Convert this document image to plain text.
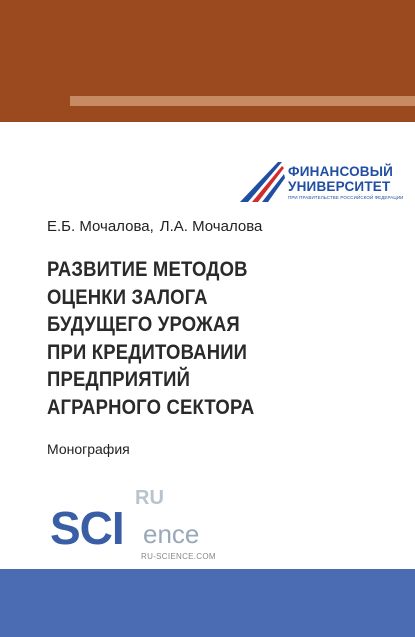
ФИНАНСОВЫЙ
УНИВЕРСИТЕТ
ПРИ ПРАВИТЕЛЬСТВЕ РОССИЙСКОЙ ФЕДЕРАЦИИ
Е.Б. Мочалова, Л.А. Мочалова
РАЗВИТИЕ МЕТОДОВ
ОЦЕНКИ ЗАЛОГА
БУДУЩЕГО УРОЖАЯ
ПРИ КРЕДИТОВАНИИ
ПРЕДПРИЯТИЙ
АГРАРНОГО СЕКТОРА
Монография
RU
SCI ence
RU-SCIENCE.COM
